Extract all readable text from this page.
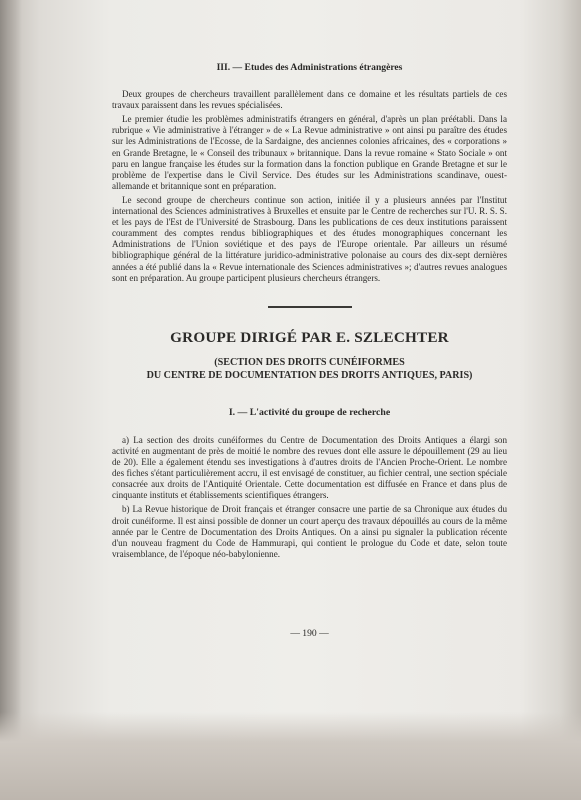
III. — Etudes des Administrations étrangères

Deux groupes de chercheurs travaillent parallèlement dans ce domaine et les résultats partiels de ces travaux paraissent dans les revues spécialisées.

Le premier étudie les problèmes administratifs étrangers en général, d'après un plan préétabli. Dans la rubrique « Vie administrative à l'étranger » de « La Revue administrative » ont ainsi pu paraître des études sur les Administrations de l'Ecosse, de la Sardaigne, des anciennes colonies africaines, des « corporations » en Grande Bretagne, le « Conseil des tribunaux » britannique. Dans la revue romaine « Stato Sociale » ont paru en langue française les études sur la formation dans la fonction publique en Grande Bretagne et sur le problème de l'expertise dans le Civil Service. Des études sur les Administrations scandinave, ouest-allemande et britannique sont en préparation.

Le second groupe de chercheurs continue son action, initiée il y a plusieurs années par l'Institut international des Sciences administratives à Bruxelles et ensuite par le Centre de recherches sur l'U. R. S. S. et les pays de l'Est de l'Université de Strasbourg. Dans les publications de ces deux institutions paraissent couramment des comptes rendus bibliographiques et des études monographiques concernant les Administrations de l'Union soviétique et des pays de l'Europe orientale. Par ailleurs un résumé bibliographique général de la littérature juridico-administrative polonaise au cours des dix-sept dernières années a été publié dans la « Revue internationale des Sciences administratives »; d'autres revues analogues sont en préparation. Au groupe participent plusieurs chercheurs étrangers.

GROUPE DIRIGÉ PAR E. SZLECHTER
(SECTION DES DROITS CUNÉIFORMES
DU CENTRE DE DOCUMENTATION DES DROITS ANTIQUES, PARIS)
I. — L'activité du groupe de recherche

a) La section des droits cunéiformes du Centre de Documentation des Droits Antiques a élargi son activité en augmentant de près de moitié le nombre des revues dont elle assure le dépouillement (29 au lieu de 20). Elle a également étendu ses investigations à d'autres droits de l'Ancien Proche-Orient. Le nombre des fiches s'étant particulièrement accru, il est envisagé de constituer, au fichier central, une section spéciale consacrée aux droits de l'Antiquité Orientale. Cette documentation est diffusée en France et dans plus de cinquante instituts et établissements scientifiques étrangers.

b) La Revue historique de Droit français et étranger consacre une partie de sa Chronique aux études du droit cunéiforme. Il est ainsi possible de donner un court aperçu des travaux dépouillés au cours de la même année par le Centre de Documentation des Droits Antiques. On a ainsi pu signaler la publication récente d'un nouveau fragment du Code de Hammurapi, qui contient le prologue du Code et date, selon toute vraisemblance, de l'époque néo-babylonienne.

— 190 —
